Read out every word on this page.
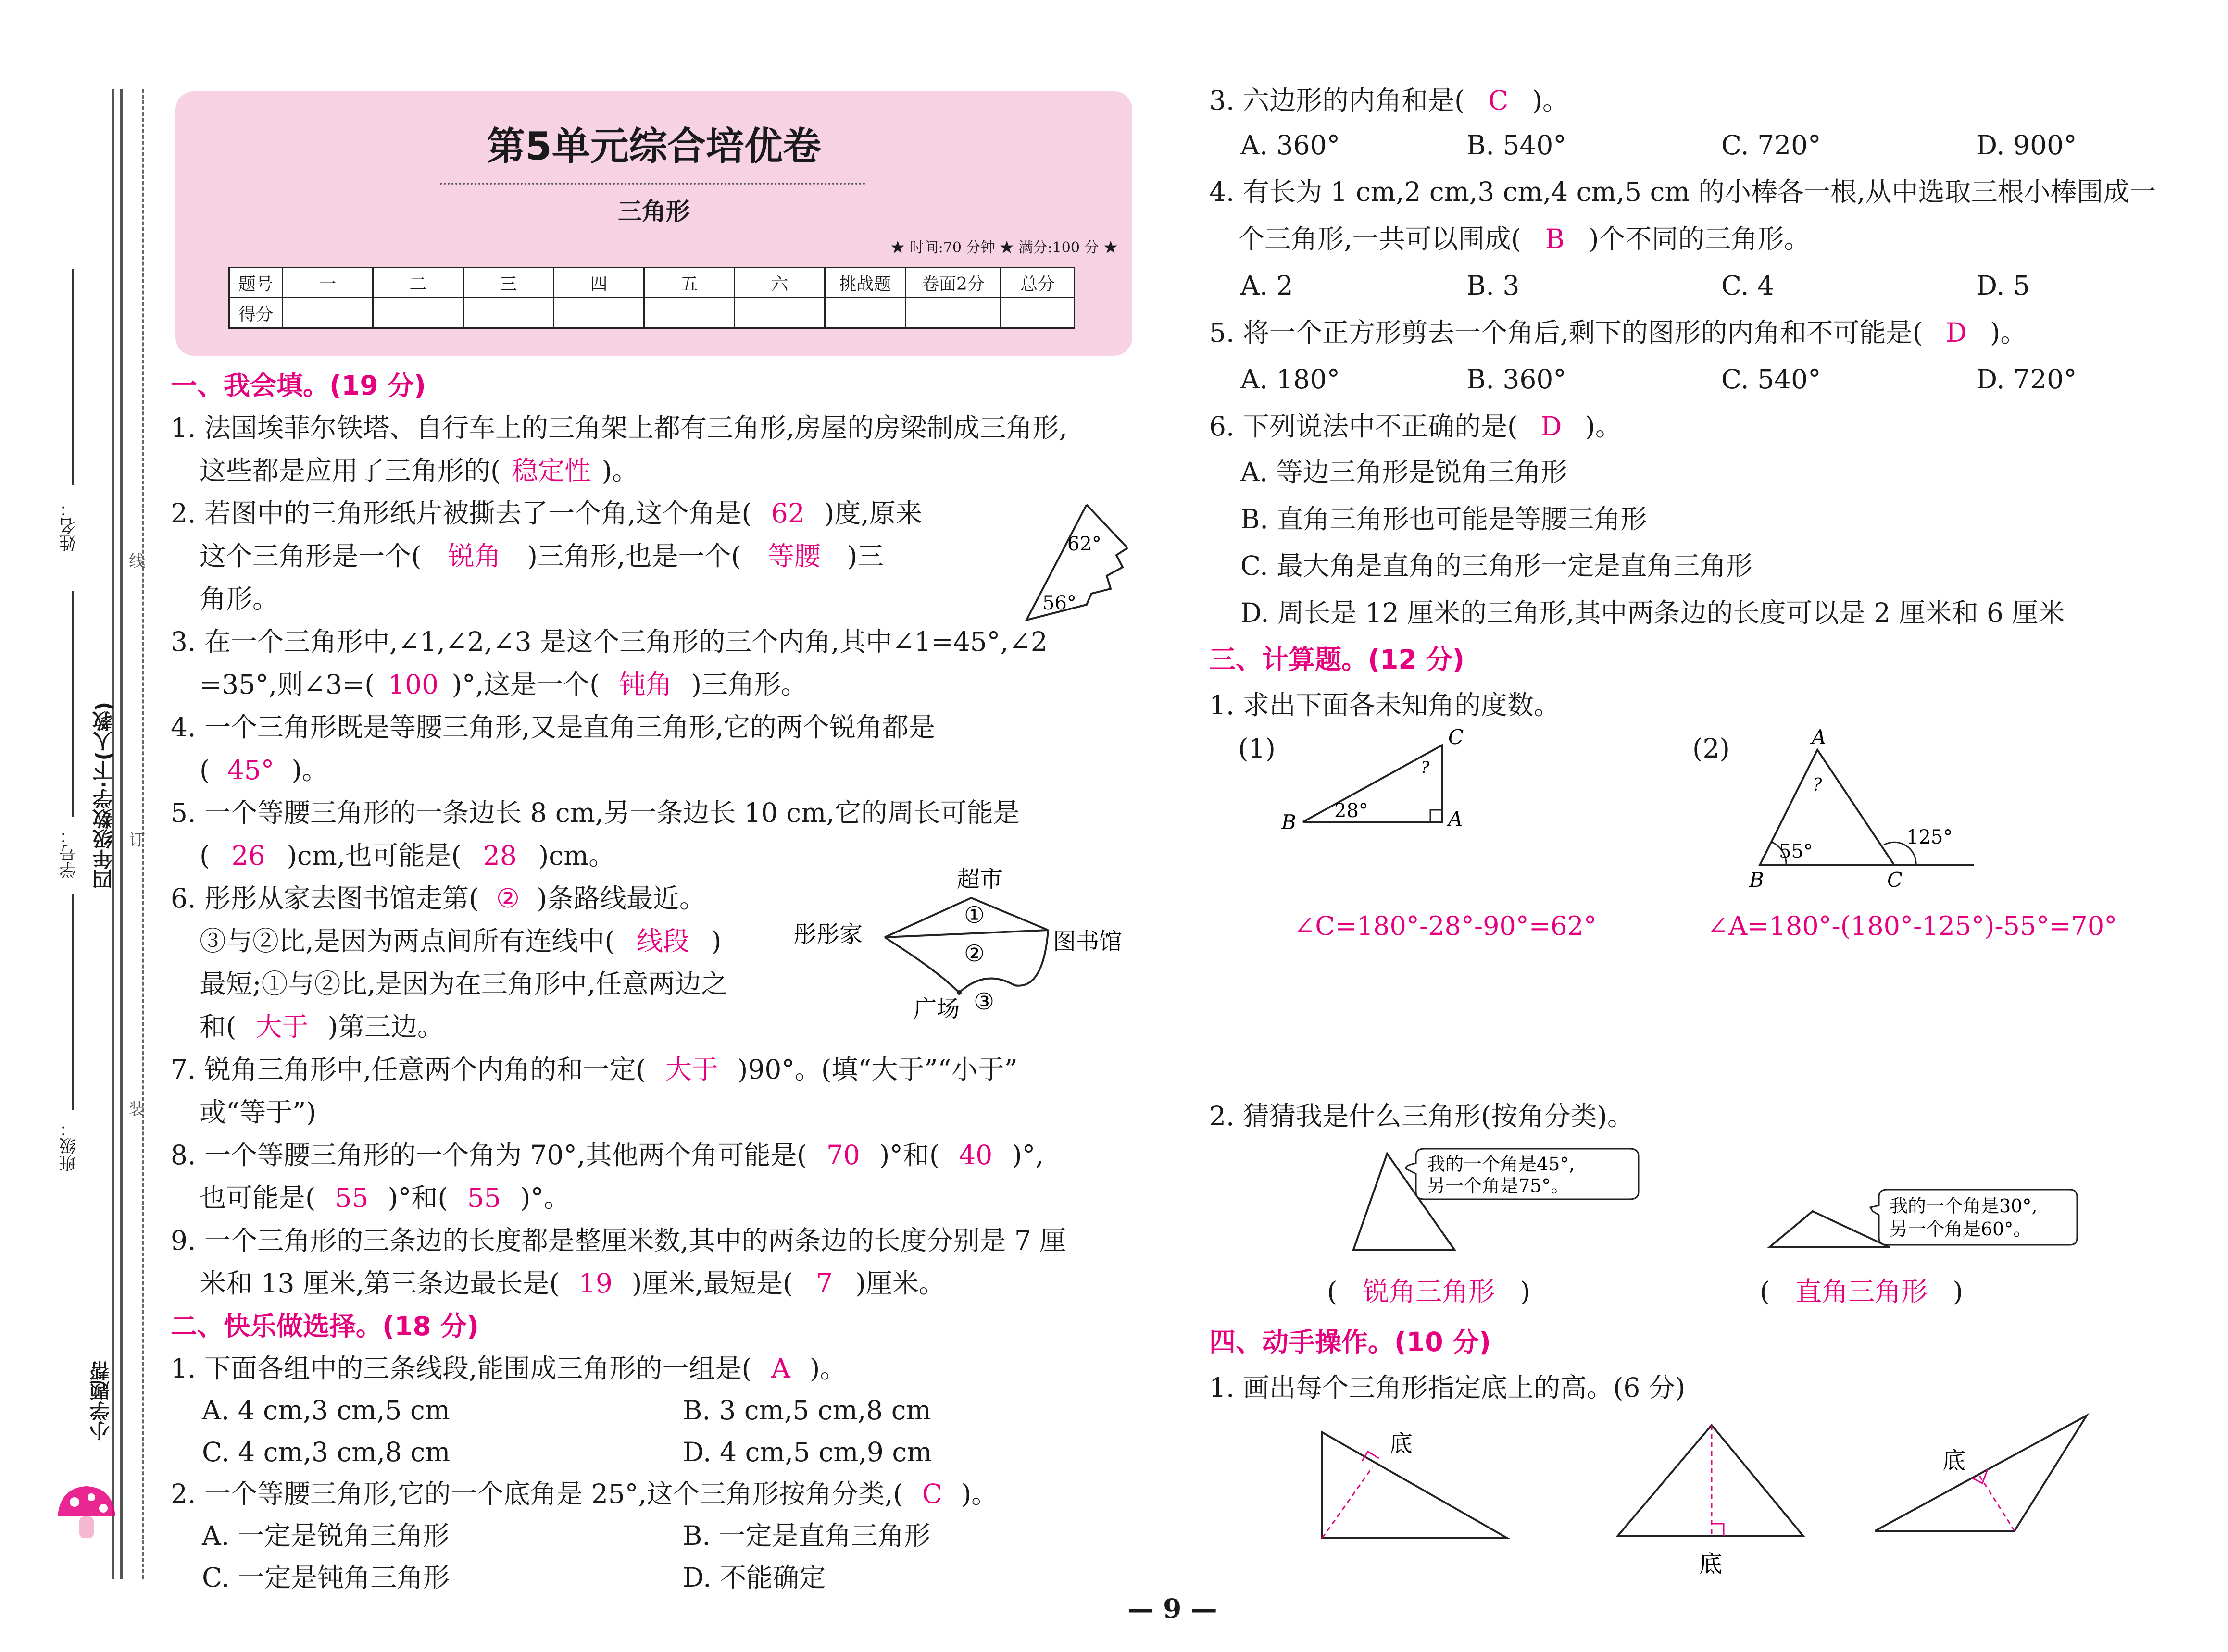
线
订
装
姓名：
学号：
班级：
四年级数学·下(人教)
小学题帮
第5单元综合培优卷
三角形
★ 时间:70 分钟 ★ 满分:100 分 ★
题号	一	二	三	四	五	六	挑战题	卷面2分	总分
得分									
一、我会填。(19 分)
1. 法国埃菲尔铁塔、自行车上的三角架上都有三角形,房屋的房梁制成三角形,
这些都是应用了三角形的( 稳定性 )。
2. 若图中的三角形纸片被撕去了一个角,这个角是( 62 )度,原来
这个三角形是一个( 锐角 )三角形,也是一个( 等腰 )三
角形。
62°
56°
3. 在一个三角形中,∠1,∠2,∠3 是这个三角形的三个内角,其中∠1=45°,∠2
=35°,则∠3=( 100 )°,这是一个( 钝角 )三角形。
4. 一个三角形既是等腰三角形,又是直角三角形,它的两个锐角都是
( 45° )。
5. 一个等腰三角形的一条边长 8 cm,另一条边长 10 cm,它的周长可能是
( 26 )cm,也可能是( 28 )cm。
6. 彤彤从家去图书馆走第( ② )条路线最近。
③与②比,是因为两点间所有连线中( 线段 )
最短;①与②比,是因为在三角形中,任意两边之
和( 大于 )第三边。
超市
彤彤家	图书馆
广场
①
②
③
7. 锐角三角形中,任意两个内角的和一定( 大于 )90°。(填“大于”“小于”
或“等于”)
8. 一个等腰三角形的一个角为 70°,其他两个角可能是( 70 )°和( 40 )°,
也可能是( 55 )°和( 55 )°。
9. 一个三角形的三条边的长度都是整厘米数,其中的两条边的长度分别是 7 厘
米和 13 厘米,第三条边最长是( 19 )厘米,最短是( 7 )厘米。
二、快乐做选择。(18 分)
1. 下面各组中的三条线段,能围成三角形的一组是( A )。
A. 4 cm,3 cm,5 cm	B. 3 cm,5 cm,8 cm
C. 4 cm,3 cm,8 cm	D. 4 cm,5 cm,9 cm
2. 一个等腰三角形,它的一个底角是 25°,这个三角形按角分类,( C )。
A. 一定是锐角三角形	B. 一定是直角三角形
C. 一定是钝角三角形	D. 不能确定
3. 六边形的内角和是( C )。
A. 360°	B. 540°	C. 720°	D. 900°
4. 有长为 1 cm,2 cm,3 cm,4 cm,5 cm 的小棒各一根,从中选取三根小棒围成一
个三角形,一共可以围成( B )个不同的三角形。
A. 2	B. 3	C. 4	D. 5
5. 将一个正方形剪去一个角后,剩下的图形的内角和不可能是( D )。
A. 180°	B. 360°	C. 540°	D. 720°
6. 下列说法中不正确的是( D )。
A. 等边三角形是锐角三角形
B. 直角三角形也可能是等腰三角形
C. 最大角是直角的三角形一定是直角三角形
D. 周长是 12 厘米的三角形,其中两条边的长度可以是 2 厘米和 6 厘米
三、计算题。(12 分)
1. 求出下面各未知角的度数。
(1)	(2)
C
B	A
?
28°
A
B	C
?
55°
125°
∠C=180°-28°-90°=62°	∠A=180°-(180°-125°)-55°=70°
2. 猜猜我是什么三角形(按角分类)。
我的一个角是45°,
另一个角是75°。
我的一个角是30°,
另一个角是60°。
( 锐角三角形 )	( 直角三角形 )
四、动手操作。(10 分)
1. 画出每个三角形指定底上的高。(6 分)
底
底
底
— 9 —
